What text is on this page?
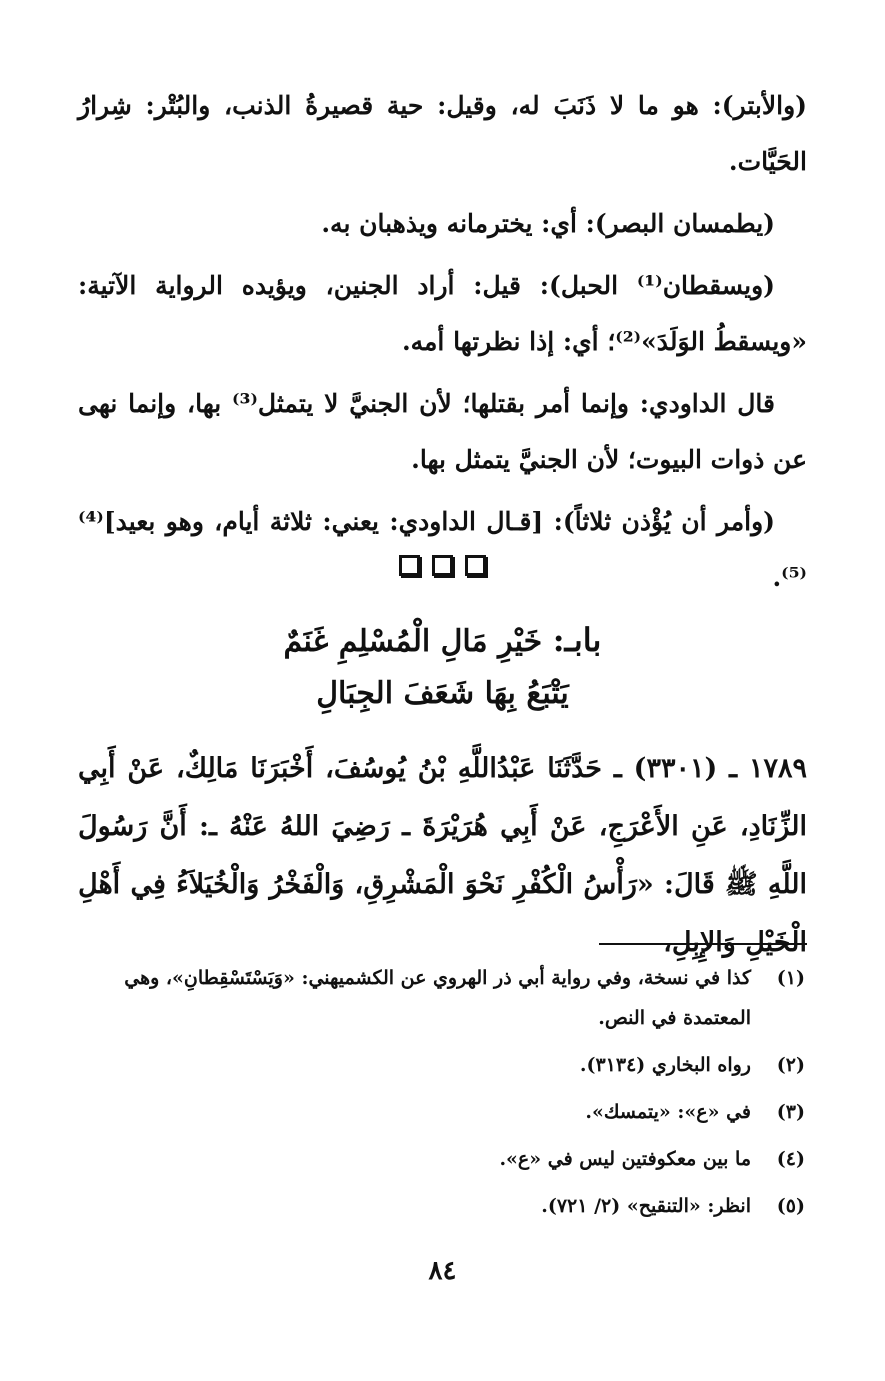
(والأبتر): هو ما لا ذَنَبَ له، وقيل: حية قصيرةُ الذنب، والبُتْر: شِرارُ الحَيَّات.

(يطمسان البصر): أي: يخترمانه ويذهبان به.

(ويسقطان⁽¹⁾ الحبل): قيل: أراد الجنين، ويؤيده الرواية الآتية: «ويسقطُ الوَلَدَ»⁽²⁾؛ أي: إذا نظرتها أمه.

قال الداودي: وإنما أمر بقتلها؛ لأن الجنيَّ لا يتمثل⁽³⁾ بها، وإنما نهى عن ذوات البيوت؛ لأن الجنيَّ يتمثل بها.

(وأمر أن يُؤْذن ثلاثاً): [قـال الداودي: يعني: ثلاثة أيام، وهو بعيد]⁽⁴⁾⁽⁵⁾.

بابـ: خَيْرِ مَالِ الْمُسْلِمِ غَنَمٌ
يَتْبَعُ بِهَا شَعَفَ الجِبَالِ
١٧٨٩ ـ (٣٣٠١) ـ حَدَّثَنَا عَبْدُاللَّهِ بْنُ يُوسُفَ، أَخْبَرَنَا مَالِكٌ، عَنْ أَبِي الزِّنَادِ، عَنِ الأَعْرَجِ، عَنْ أَبِي هُرَيْرَةَ ـ رَضِيَ اللهُ عَنْهُ ـ: أَنَّ رَسُولَ اللَّهِ ﷺ قَالَ: «رَأْسُ الْكُفْرِ نَحْوَ الْمَشْرِقِ، وَالْفَخْرُ وَالْخُيَلاَءُ فِي أَهْلِ الْخَيْلِ وَالإِبِلِ،
(١)
كذا في نسخة، وفي رواية أبي ذر الهروي عن الكشميهني: «وَيَسْتَسْقِطانِ»، وهي المعتمدة في النص.
(٢)
رواه البخاري (٣١٣٤).
(٣)
في «ع»: «يتمسك».
(٤)
ما بين معكوفتين ليس في «ع».
(٥)
انظر: «التنقيح» (٢/ ٧٢١).
٨٤
